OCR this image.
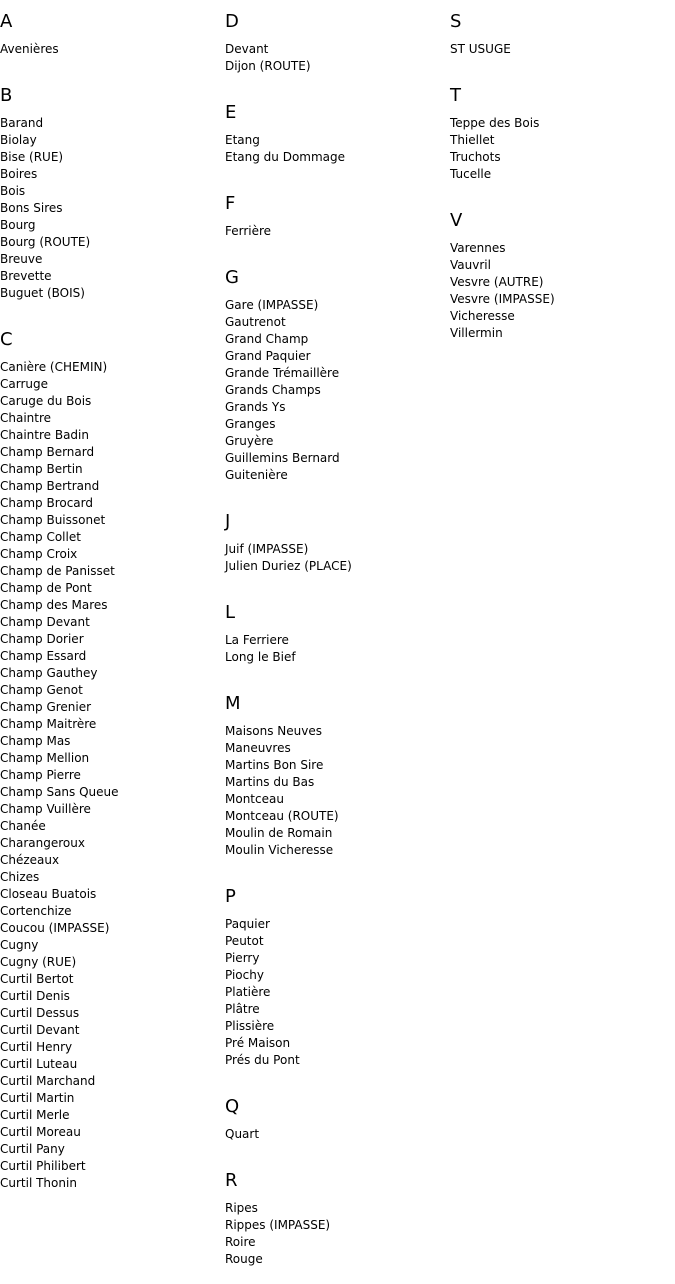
A
Avenières
B
Barand
Biolay
Bise (RUE)
Boires
Bois
Bons Sires
Bourg
Bourg (ROUTE)
Breuve
Brevette
Buguet (BOIS)
C
Canière (CHEMIN)
Carruge
Caruge du Bois
Chaintre
Chaintre Badin
Champ Bernard
Champ Bertin
Champ Bertrand
Champ Brocard
Champ Buissonet
Champ Collet
Champ Croix
Champ de Panisset
Champ de Pont
Champ des Mares
Champ Devant
Champ Dorier
Champ Essard
Champ Gauthey
Champ Genot
Champ Grenier
Champ Maitrère
Champ Mas
Champ Mellion
Champ Pierre
Champ Sans Queue
Champ Vuillère
Chanée
Charangeroux
Chézeaux
Chizes
Closeau Buatois
Cortenchize
Coucou (IMPASSE)
Cugny
Cugny (RUE)
Curtil Bertot
Curtil Denis
Curtil Dessus
Curtil Devant
Curtil Henry
Curtil Luteau
Curtil Marchand
Curtil Martin
Curtil Merle
Curtil Moreau
Curtil Pany
Curtil Philibert
Curtil Thonin
D
Devant
Dijon (ROUTE)
E
Etang
Etang du Dommage
F
Ferrière
G
Gare (IMPASSE)
Gautrenot
Grand Champ
Grand Paquier
Grande Trémaillère
Grands Champs
Grands Ys
Granges
Gruyère
Guillemins Bernard
Guitenière
J
Juif (IMPASSE)
Julien Duriez (PLACE)
L
La Ferriere
Long le Bief
M
Maisons Neuves
Maneuvres
Martins Bon Sire
Martins du Bas
Montceau
Montceau (ROUTE)
Moulin de Romain
Moulin Vicheresse
P
Paquier
Peutot
Pierry
Piochy
Platière
Plâtre
Plissière
Pré Maison
Prés du Pont
Q
Quart
R
Ripes
Rippes (IMPASSE)
Roire
Rouge
S
ST USUGE
T
Teppe des Bois
Thiellet
Truchots
Tucelle
V
Varennes
Vauvril
Vesvre (AUTRE)
Vesvre (IMPASSE)
Vicheresse
Villermin
